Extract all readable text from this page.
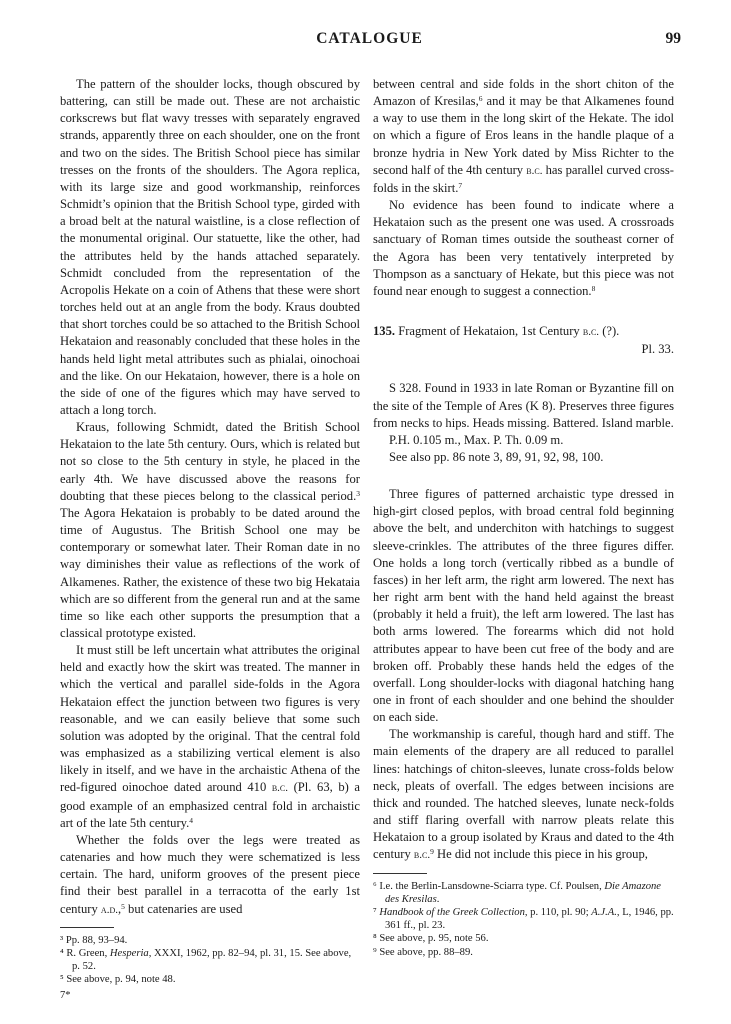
CATALOGUE	99

The pattern of the shoulder locks, though obscured by battering, can still be made out. These are not archaistic corkscrews but flat wavy tresses with separately engraved strands, apparently three on each shoulder, one on the front and two on the sides. The British School piece has similar tresses on the fronts of the shoulders. The Agora replica, with its large size and good workmanship, reinforces Schmidt’s opinion that the British School type, girded with a broad belt at the natural waistline, is a close reflection of the monumental original. Our statuette, like the other, had the attributes held by the hands attached separately. Schmidt concluded from the representation of the Acropolis Hekate on a coin of Athens that these were short torches held out at an angle from the body. Kraus doubted that short torches could be so attached to the British School Hekataion and reasonably concluded that these holes in the hands held light metal attributes such as phialai, oinochoai and the like. On our Hekataion, however, there is a hole on the side of one of the figures which may have served to attach a long torch.

Kraus, following Schmidt, dated the British School Hekataion to the late 5th century. Ours, which is related but not so close to the 5th century in style, he placed in the early 4th. We have discussed above the reasons for doubting that these pieces belong to the classical period.$^3$ The Agora Hekataion is probably to be dated around the time of Augustus. The British School one may be contemporary or somewhat later. Their Roman date in no way diminishes their value as reflections of the work of Alkamenes. Rather, the existence of these two big Hekataia which are so different from the general run and at the same time so like each other supports the presumption that a classical prototype existed.

It must still be left uncertain what attributes the original held and exactly how the skirt was treated. The manner in which the vertical and parallel side-folds in the Agora Hekataion effect the junction between two figures is very reasonable, and we can easily believe that some such solution was adopted by the original. That the central fold was emphasized as a stabilizing vertical element is also likely in itself, and we have in the archaistic Athena of the red-figured oinochoe dated around 410 b.c. (Pl. 63, b) a good example of an emphasized central fold in archaistic art of the late 5th century.$^4$

Whether the folds over the legs were treated as catenaries and how much they were schematized is less certain. The hard, uniform grooves of the present piece find their best parallel in a terracotta of the early 1st century a.d.,$^5$ but catenaries are used

³ Pp. 88, 93–94.

⁴ R. Green, Hesperia, XXXI, 1962, pp. 82–94, pl. 31, 15. See above, p. 52.

⁵ See above, p. 94, note 48.

7*

between central and side folds in the short chiton of the Amazon of Kresilas,$^6$ and it may be that Alkamenes found a way to use them in the long skirt of the Hekate. The idol on which a figure of Eros leans in the handle plaque of a bronze hydria in New York dated by Miss Richter to the second half of the 4th century b.c. has parallel curved cross-folds in the skirt.$^7$

No evidence has been found to indicate where a Hekataion such as the present one was used. A crossroads sanctuary of Roman times outside the southeast corner of the Agora has been very tentatively interpreted by Thompson as a sanctuary of Hekate, but this piece was not found near enough to suggest a connection.$^8$

135. Fragment of Hekataion, 1st Century b.c. (?).

Pl. 33.

S 328. Found in 1933 in late Roman or Byzantine fill on the site of the Temple of Ares (K 8). Preserves three figures from necks to hips. Heads missing. Battered. Island marble.

P.H. 0.105 m., Max. P. Th. 0.09 m.

See also pp. 86 note 3, 89, 91, 92, 98, 100.

Three figures of patterned archaistic type dressed in high-girt closed peplos, with broad central fold beginning above the belt, and underchiton with hatchings to suggest sleeve-crinkles. The attributes of the three figures differ. One holds a long torch (vertically ribbed as a bundle of fasces) in her left arm, the right arm lowered. The next has her right arm bent with the hand held against the breast (probably it held a fruit), the left arm lowered. The last has both arms lowered. The forearms which did not hold attributes appear to have been cut free of the body and are broken off. Probably these hands held the edges of the overfall. Long shoulder-locks with diagonal hatching hang one in front of each shoulder and one behind the shoulder on each side.

The workmanship is careful, though hard and stiff. The main elements of the drapery are all reduced to parallel lines: hatchings of chiton-sleeves, lunate cross-folds below neck, pleats of overfall. The edges between incisions are thick and rounded. The hatched sleeves, lunate neck-folds and stiff flaring overfall with narrow pleats relate this Hekataion to a group isolated by Kraus and dated to the 4th century b.c.$^9$ He did not include this piece in his group,

⁶ I.e. the Berlin-Lansdowne-Sciarra type. Cf. Poulsen, Die Amazone des Kresilas.

⁷ Handbook of the Greek Collection, p. 110, pl. 90; A.J.A., L, 1946, pp. 361 ff., pl. 23.

⁸ See above, p. 95, note 56.

⁹ See above, pp. 88–89.
